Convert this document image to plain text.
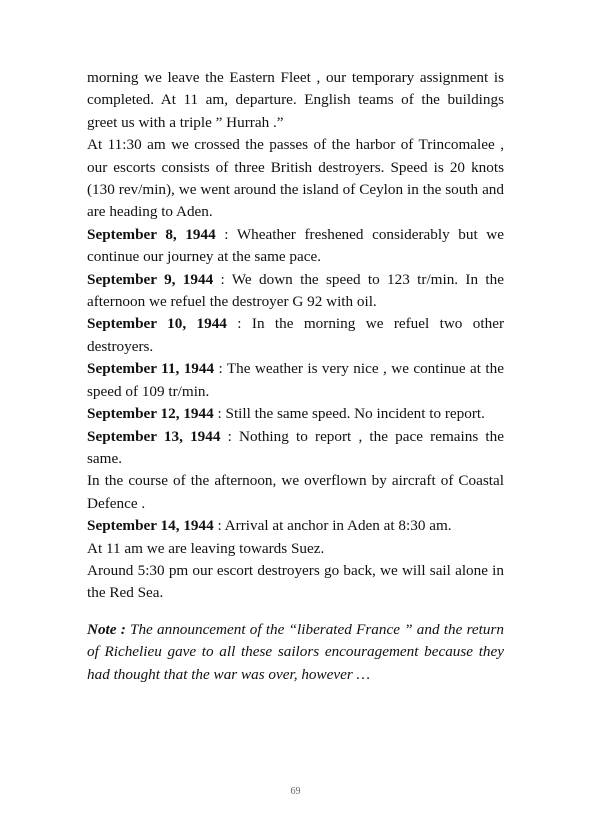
morning we leave the Eastern Fleet , our temporary assignment is completed. At 11 am, departure. English teams of the buildings greet us with a triple ” Hurrah .”

At 11:30 am we crossed the passes of the harbor of Trincomalee , our escorts consists of three British destroyers. Speed is 20 knots (130 rev/min), we went around the island of Ceylon in the south and are heading to Aden.

September 8, 1944 : Wheather freshened considerably but we continue our journey at the same pace.

September 9, 1944 : We down the speed to 123 tr/min. In the afternoon we refuel the destroyer G 92 with oil.

September 10, 1944 : In the morning we refuel two other destroyers.

September 11, 1944 : The weather is very nice , we continue at the speed of 109 tr/min.

September 12, 1944 : Still the same speed. No incident to report.

September 13, 1944 : Nothing to report , the pace remains the same.

In the course of the afternoon, we overflown by aircraft of Coastal Defence .

September 14, 1944 : Arrival at anchor in Aden at 8:30 am.

At 11 am we are leaving towards Suez.

Around 5:30 pm our escort destroyers go back, we will sail alone in the Red Sea.

Note : The announcement of the “liberated France ” and the return of Richelieu gave to all these sailors encouragement because they had thought that the war was over, however …

69
